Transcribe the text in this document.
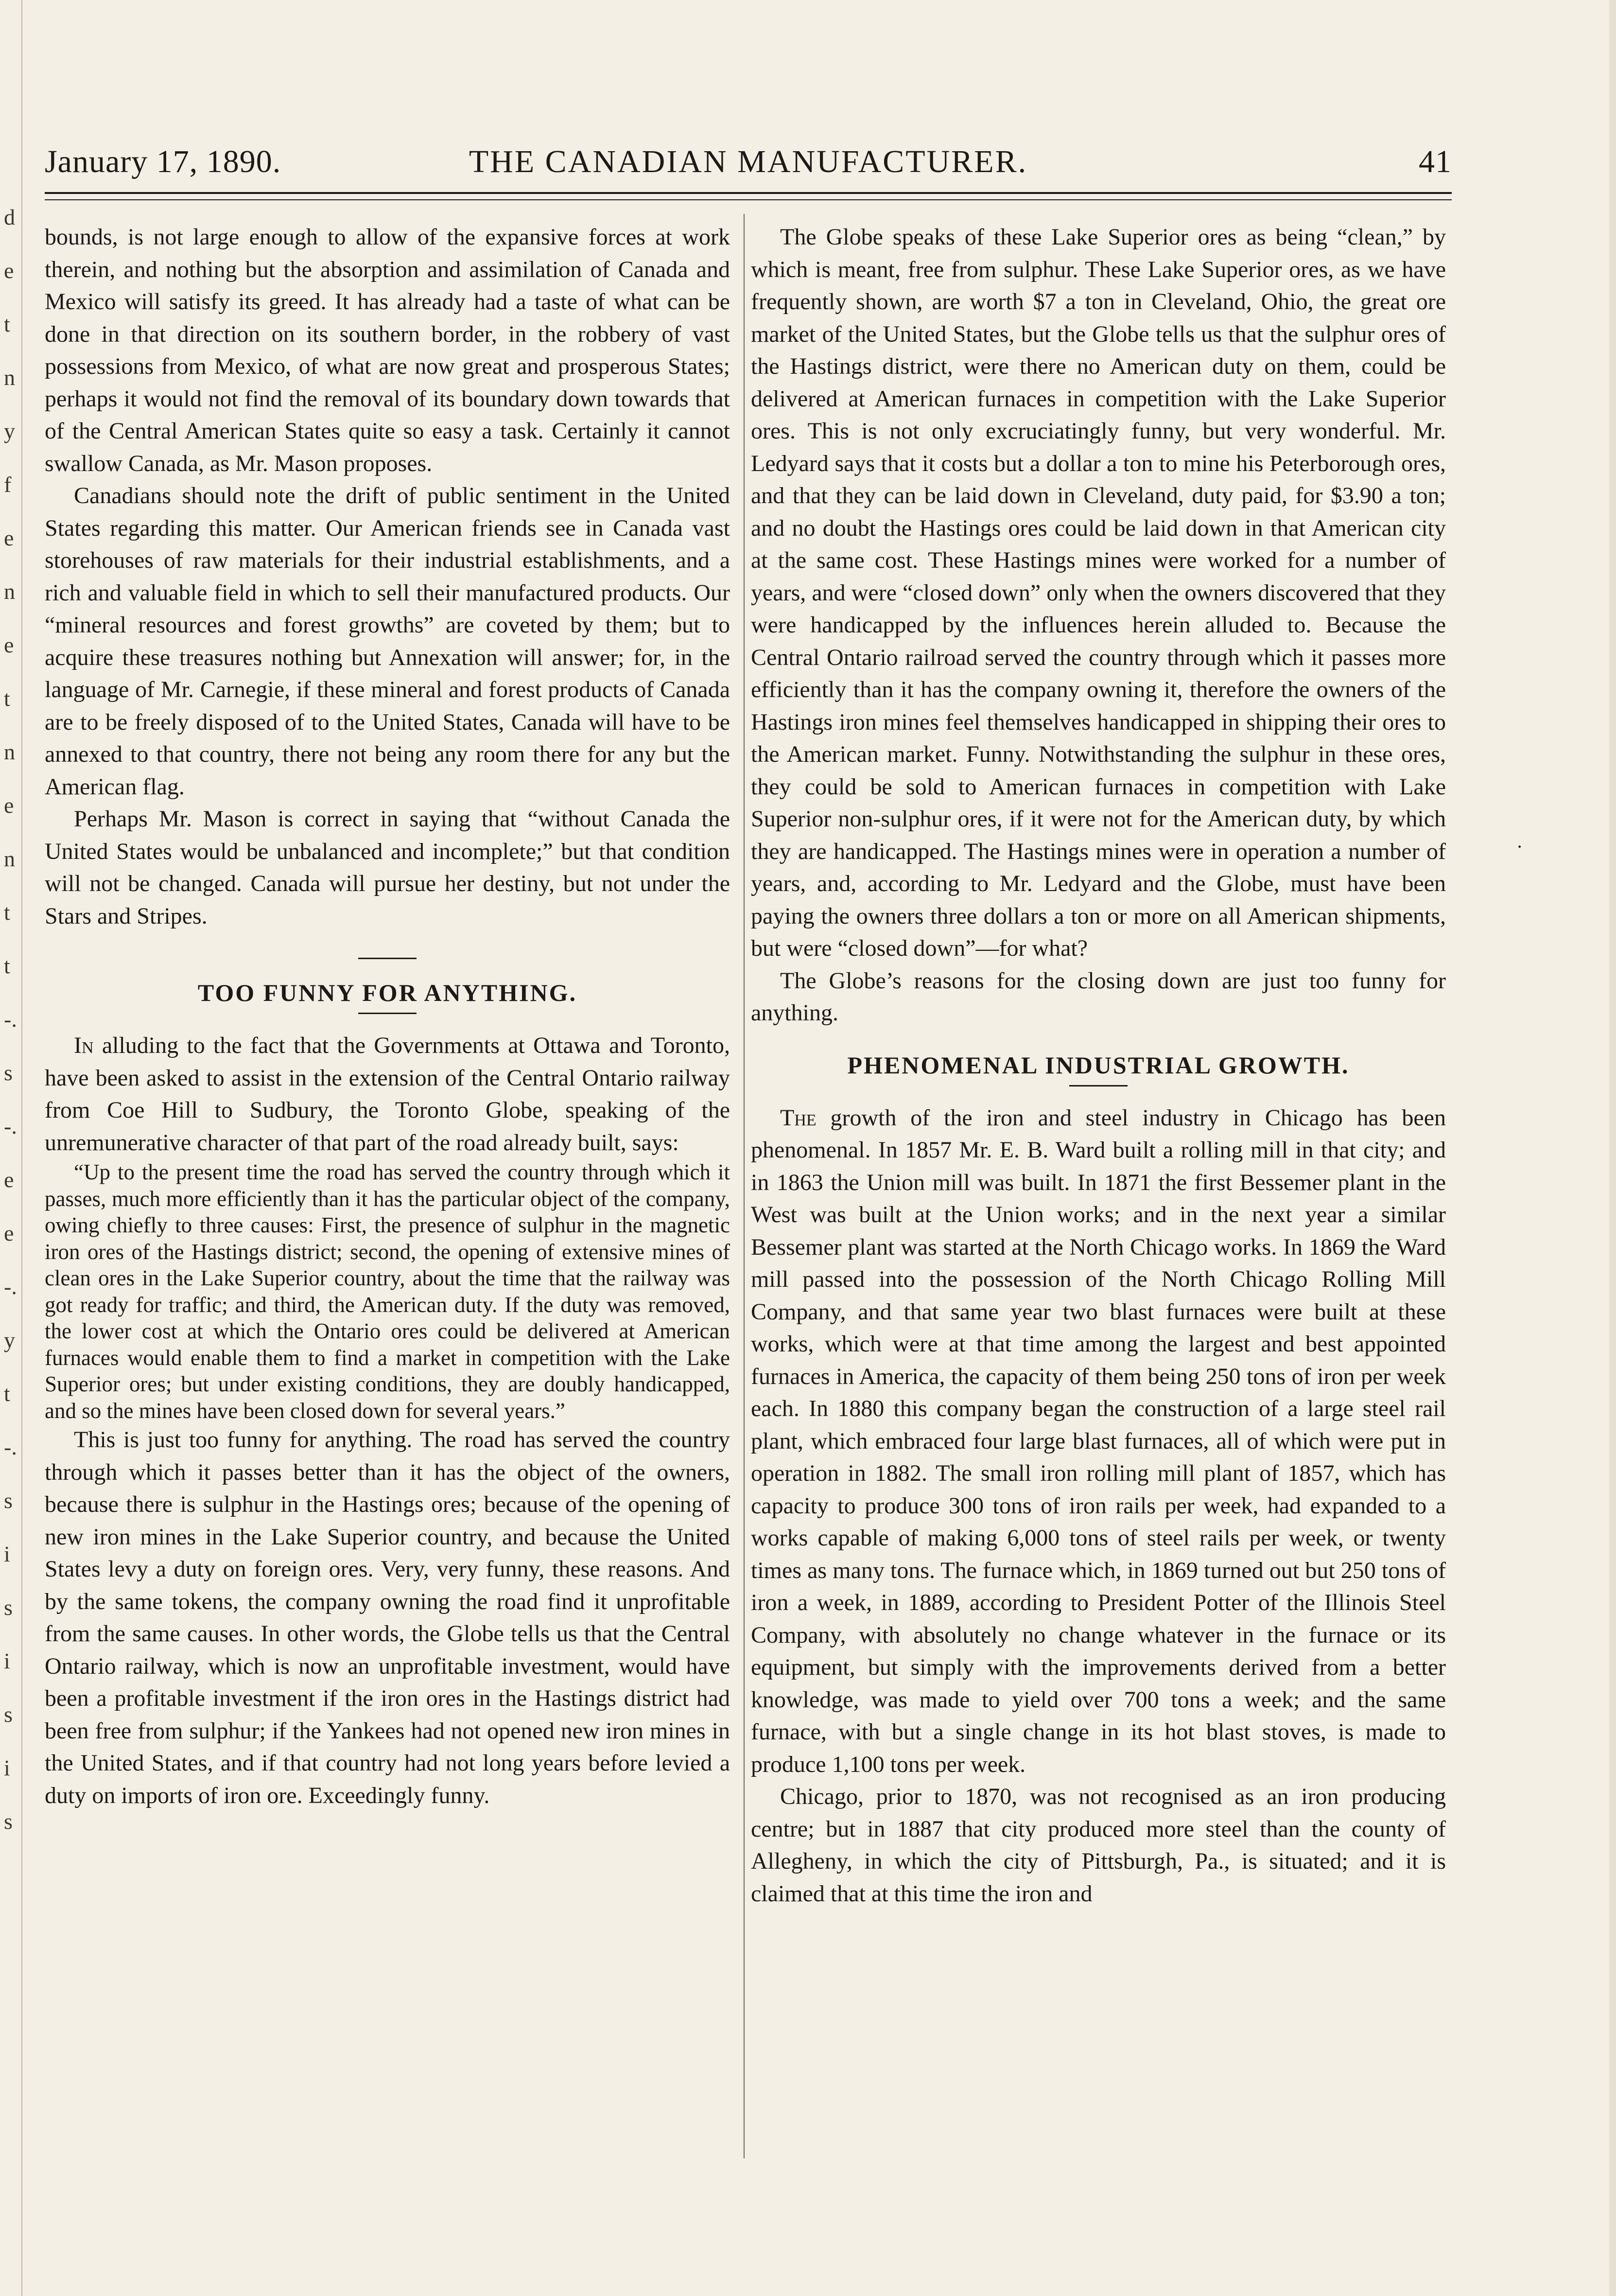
d
e
t
n
y
f
e
n
e
t
n
e
n
t
t
-.
s
-.
e
e
-.
y
t
-.
s
i
s
i
s
i
s
January 17, 1890.	THE CANADIAN MANUFACTURER.	41

bounds, is not large enough to allow of the expansive forces at work therein, and nothing but the absorption and assimilation of Canada and Mexico will satisfy its greed. It has already had a taste of what can be done in that direction on its southern border, in the robbery of vast possessions from Mexico, of what are now great and prosperous States; perhaps it would not find the removal of its boundary down towards that of the Central American States quite so easy a task. Certainly it cannot swallow Canada, as Mr. Mason proposes.

Canadians should note the drift of public sentiment in the United States regarding this matter. Our American friends see in Canada vast storehouses of raw materials for their industrial establishments, and a rich and valuable field in which to sell their manufactured products. Our “mineral resources and forest growths” are coveted by them; but to acquire these treasures nothing but Annexation will answer; for, in the language of Mr. Carnegie, if these mineral and forest products of Canada are to be freely disposed of to the United States, Canada will have to be annexed to that country, there not being any room there for any but the American flag.

Perhaps Mr. Mason is correct in saying that “without Canada the United States would be unbalanced and incomplete;” but that condition will not be changed. Canada will pursue her destiny, but not under the Stars and Stripes.

TOO FUNNY FOR ANYTHING.

In alluding to the fact that the Governments at Ottawa and Toronto, have been asked to assist in the extension of the Central Ontario railway from Coe Hill to Sudbury, the Toronto Globe, speaking of the unremunerative character of that part of the road already built, says:

“Up to the present time the road has served the country through which it passes, much more efficiently than it has the particular object of the company, owing chiefly to three causes: First, the presence of sulphur in the magnetic iron ores of the Hastings district; second, the opening of extensive mines of clean ores in the Lake Superior country, about the time that the railway was got ready for traffic; and third, the American duty. If the duty was removed, the lower cost at which the Ontario ores could be delivered at American furnaces would enable them to find a market in competition with the Lake Superior ores; but under existing conditions, they are doubly handicapped, and so the mines have been closed down for several years.”

This is just too funny for anything. The road has served the country through which it passes better than it has the object of the owners, because there is sulphur in the Hastings ores; because of the opening of new iron mines in the Lake Superior country, and because the United States levy a duty on foreign ores. Very, very funny, these reasons. And by the same tokens, the company owning the road find it unprofitable from the same causes. In other words, the Globe tells us that the Central Ontario railway, which is now an unprofitable investment, would have been a profitable investment if the iron ores in the Hastings district had been free from sulphur; if the Yankees had not opened new iron mines in the United States, and if that country had not long years before levied a duty on imports of iron ore. Exceedingly funny.

The Globe speaks of these Lake Superior ores as being “clean,” by which is meant, free from sulphur. These Lake Superior ores, as we have frequently shown, are worth $7 a ton in Cleveland, Ohio, the great ore market of the United States, but the Globe tells us that the sulphur ores of the Hastings district, were there no American duty on them, could be delivered at American furnaces in competition with the Lake Superior ores. This is not only excruciatingly funny, but very wonderful. Mr. Ledyard says that it costs but a dollar a ton to mine his Peterborough ores, and that they can be laid down in Cleveland, duty paid, for $3.90 a ton; and no doubt the Hastings ores could be laid down in that American city at the same cost. These Hastings mines were worked for a number of years, and were “closed down” only when the owners discovered that they were handicapped by the influences herein alluded to. Because the Central Ontario railroad served the country through which it passes more efficiently than it has the company owning it, therefore the owners of the Hastings iron mines feel themselves handicapped in shipping their ores to the American market. Funny. Notwithstanding the sulphur in these ores, they could be sold to American furnaces in competition with Lake Superior non-sulphur ores, if it were not for the American duty, by which they are handicapped. The Hastings mines were in operation a number of years, and, according to Mr. Ledyard and the Globe, must have been paying the owners three dollars a ton or more on all American shipments, but were “closed down”—for what?

The Globe’s reasons for the closing down are just too funny for anything.

PHENOMENAL INDUSTRIAL GROWTH.

The growth of the iron and steel industry in Chicago has been phenomenal. In 1857 Mr. E. B. Ward built a rolling mill in that city; and in 1863 the Union mill was built. In 1871 the first Bessemer plant in the West was built at the Union works; and in the next year a similar Bessemer plant was started at the North Chicago works. In 1869 the Ward mill passed into the possession of the North Chicago Rolling Mill Company, and that same year two blast furnaces were built at these works, which were at that time among the largest and best appointed furnaces in America, the capacity of them being 250 tons of iron per week each. In 1880 this company began the construction of a large steel rail plant, which embraced four large blast furnaces, all of which were put in operation in 1882. The small iron rolling mill plant of 1857, which has capacity to produce 300 tons of iron rails per week, had expanded to a works capable of making 6,000 tons of steel rails per week, or twenty times as many tons. The furnace which, in 1869 turned out but 250 tons of iron a week, in 1889, according to President Potter of the Illinois Steel Company, with absolutely no change whatever in the furnace or its equipment, but simply with the improvements derived from a better knowledge, was made to yield over 700 tons a week; and the same furnace, with but a single change in its hot blast stoves, is made to produce 1,100 tons per week.

Chicago, prior to 1870, was not recognised as an iron producing centre; but in 1887 that city produced more steel than the county of Allegheny, in which the city of Pittsburgh, Pa., is situated; and it is claimed that at this time the iron and

·
